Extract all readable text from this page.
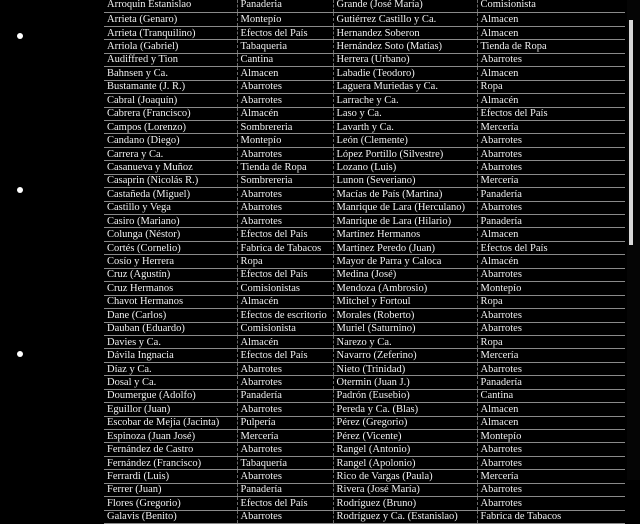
Arroquin Estanislao	Panaderia	Grande (José María)	Comisionista
Arrieta (Genaro)	Montepío	Gutiérrez Castillo y Ca.	Almacen
Arrieta (Tranquilino)	Efectos del País	Hernandez Soberon	Almacen
Arriola (Gabriel)	Tabaqueria	Hernández Soto (Matías)	Tienda de Ropa
Audiffred y Tion	Cantina	Herrera (Urbano)	Abarrotes
Bahnsen y Ca.	Almacen	Labadie (Teodoro)	Almacen
Bustamante (J. R.)	Abarrotes	Laguera Muriedas y Ca.	Ropa
Cabral (Joaquín)	Abarrotes	Larrache y Ca.	Almacén
Cabrera (Francisco)	Almacén	Laso y Ca.	Efectos del País
Campos (Lorenzo)	Sombrereria	Lavarth y Ca.	Mercería
Candano (Diego)	Montepío	León (Clemente)	Abarrotes
Carrera y Ca.	Abarrotes	López Portillo (Silvestre)	Abarrotes
Casanueva y Muñoz	Tienda de Ropa	Lozano (Luis)	Abarrotes
Casaprin (Nicolás R.)	Sombrereria	Lunon (Severiano)	Mercería
Castañeda (Miguel)	Abarrotes	Macías de País (Martina)	Panadería
Castillo y Vega	Abarrotes	Manrique de Lara (Herculano)	Abarrotes
Casiro (Mariano)	Abarrotes	Manrique de Lara (Hilario)	Panadería
Colunga (Néstor)	Efectos del País	Martínez Hermanos	Almacen
Cortés (Cornelio)	Fabrica de Tabacos	Martínez Peredo (Juan)	Efectos del País
Cosío y Herrera	Ropa	Mayor de Parra y Caloca	Almacén
Cruz (Agustín)	Efectos del País	Medina (José)	Abarrotes
Cruz Hermanos	Comisionistas	Mendoza (Ambrosio)	Montepío
Chavot Hermanos	Almacén	Mitchel y Fortoul	Ropa
Dane (Carlos)	Efectos de escritorio	Morales (Roberto)	Abarrotes
Dauban (Eduardo)	Comisionista	Muriel (Saturnino)	Abarrotes
Davies y Ca.	Almacén	Narezo y Ca.	Ropa
Dávila Ingnacia	Efectos del País	Navarro (Zeferino)	Mercería
Díaz y Ca.	Abarrotes	Nieto (Trinidad)	Abarrotes
Dosal y Ca.	Abarrotes	Otermin (Juan J.)	Panadería
Doumergue (Adolfo)	Panadería	Padrón (Eusebio)	Cantina
Eguillor (Juan)	Abarrotes	Pereda y Ca. (Blas)	Almacen
Escobar de Mejía (Jacinta)	Pulpería	Pérez (Gregorio)	Almacen
Espinoza (Juan José)	Mercería	Pérez (Vicente)	Montepío
Fernández de Castro	Abarrotes	Rangel (Antonio)	Abarrotes
Fernández (Francisco)	Tabaquería	Rangel (Apolonio)	Abarrotes
Ferrardi (Luis)	Abarrotes	Rico de Vargas (Paula)	Mercería
Ferrer (Juan)	Panadería	Rivera (José María)	Abarrotes
Flores (Gregorio)	Efectos del País	Rodríguez (Bruno)	Abarrotes
Galavis (Benito)	Abarrotes	Rodríguez y Ca. (Estanislao)	Fabrica de Tabacos
